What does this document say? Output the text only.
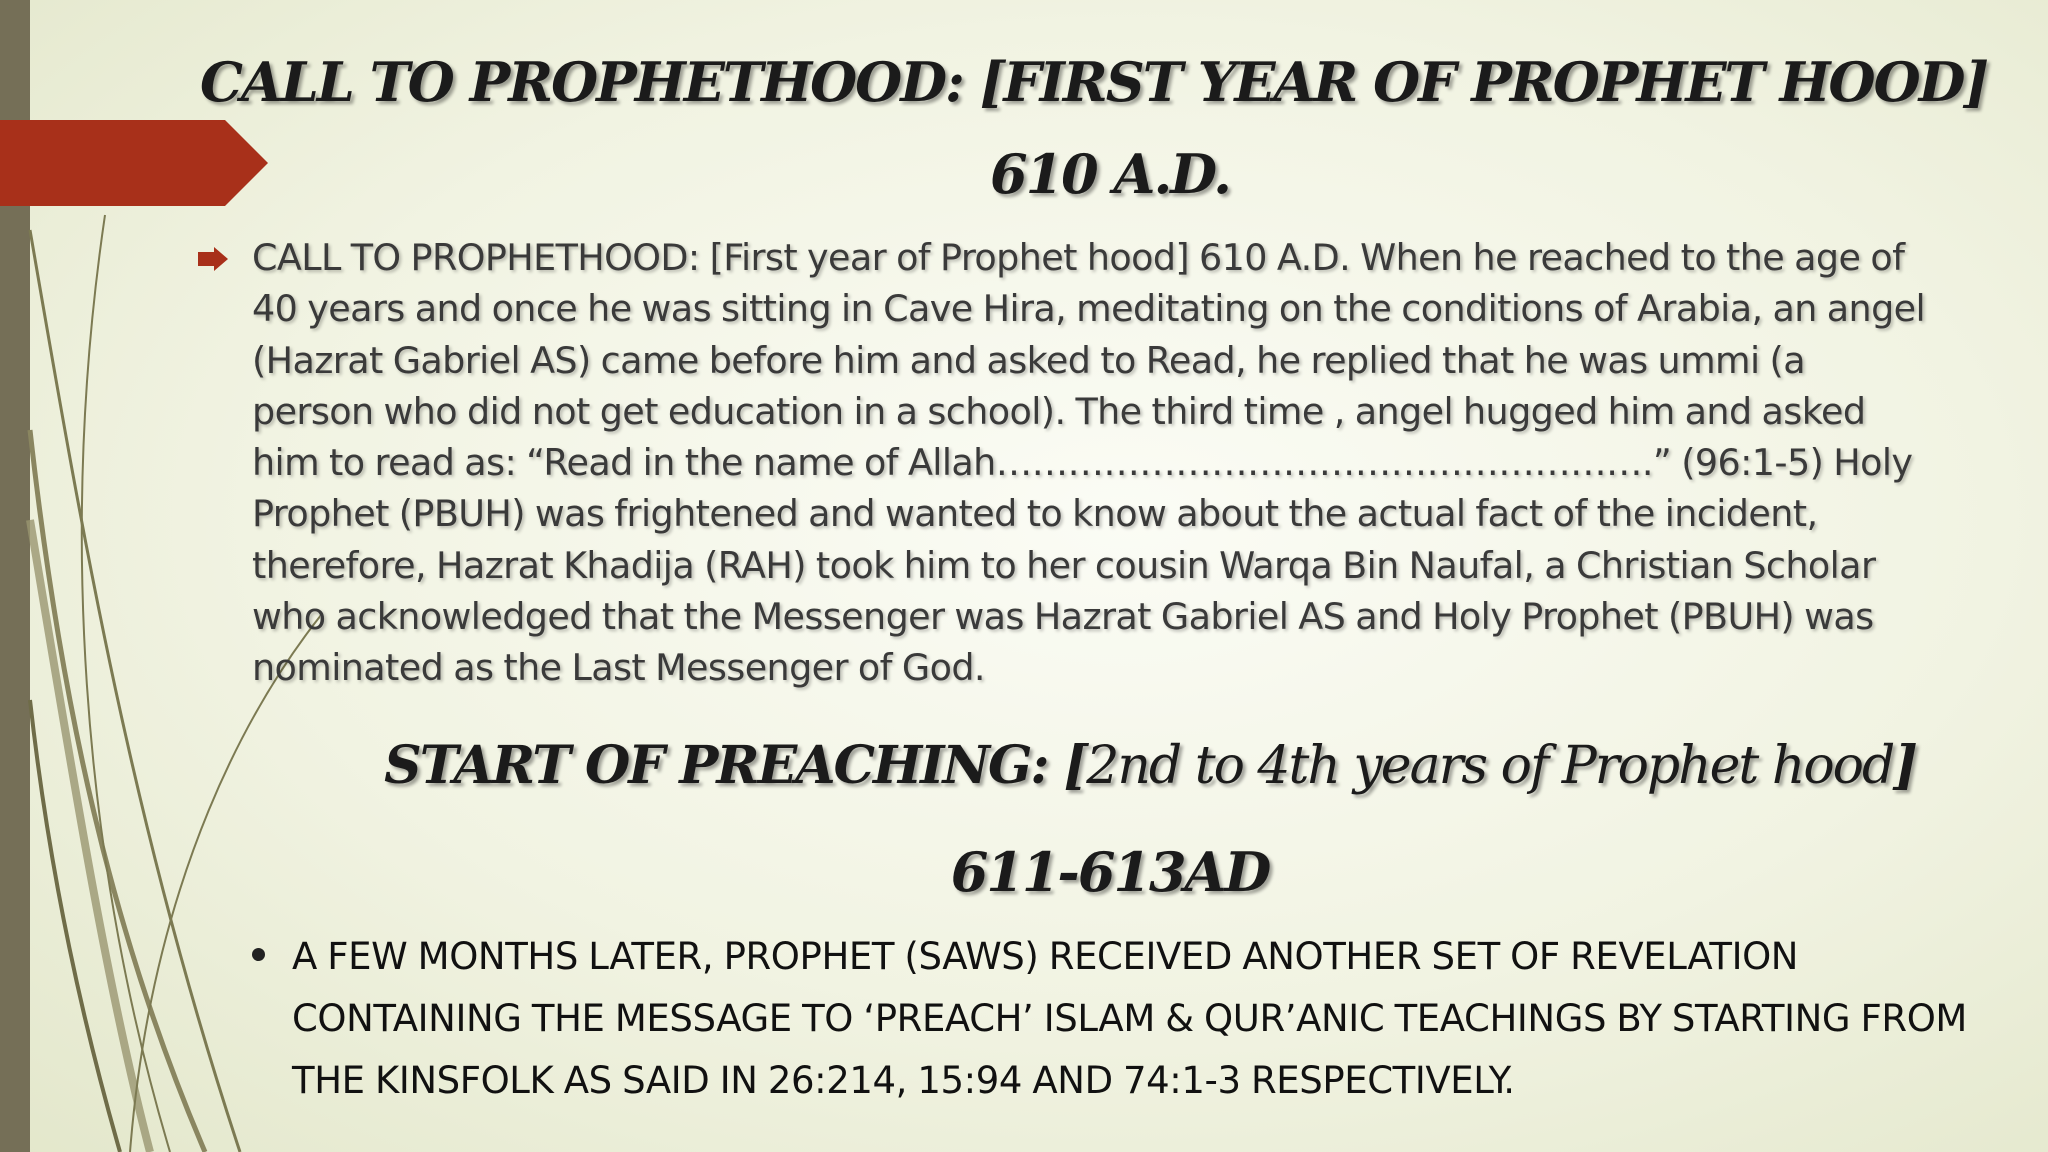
CALL TO PROPHETHOOD: [FIRST YEAR OF PROPHET HOOD]
610 A.D.
CALL TO PROPHETHOOD: [First year of Prophet hood] 610 A.D. When he reached to the age of 40 years and once he was sitting in Cave Hira, meditating on the conditions of Arabia, an angel (Hazrat Gabriel AS) came before him and asked to Read, he replied that he was ummi (a person who did not get education in a school). The third time , angel hugged him and asked him to read as: “Read in the name of Allah……………………………………………….” (96:1-5) Holy Prophet (PBUH) was frightened and wanted to know about the actual fact of the incident, therefore, Hazrat Khadija (RAH) took him to her cousin Warqa Bin Naufal, a Christian Scholar who acknowledged that the Messenger was Hazrat Gabriel AS and Holy Prophet (PBUH) was nominated as the Last Messenger of God.
START OF PREACHING: [2nd to 4th years of Prophet hood]
611-613AD
A FEW MONTHS LATER, PROPHET (SAWS) RECEIVED ANOTHER SET OF REVELATION CONTAINING THE MESSAGE TO ‘PREACH’ ISLAM & QUR’ANIC TEACHINGS BY STARTING FROM THE KINSFOLK AS SAID IN 26:214, 15:94 AND 74:1-3 RESPECTIVELY.
